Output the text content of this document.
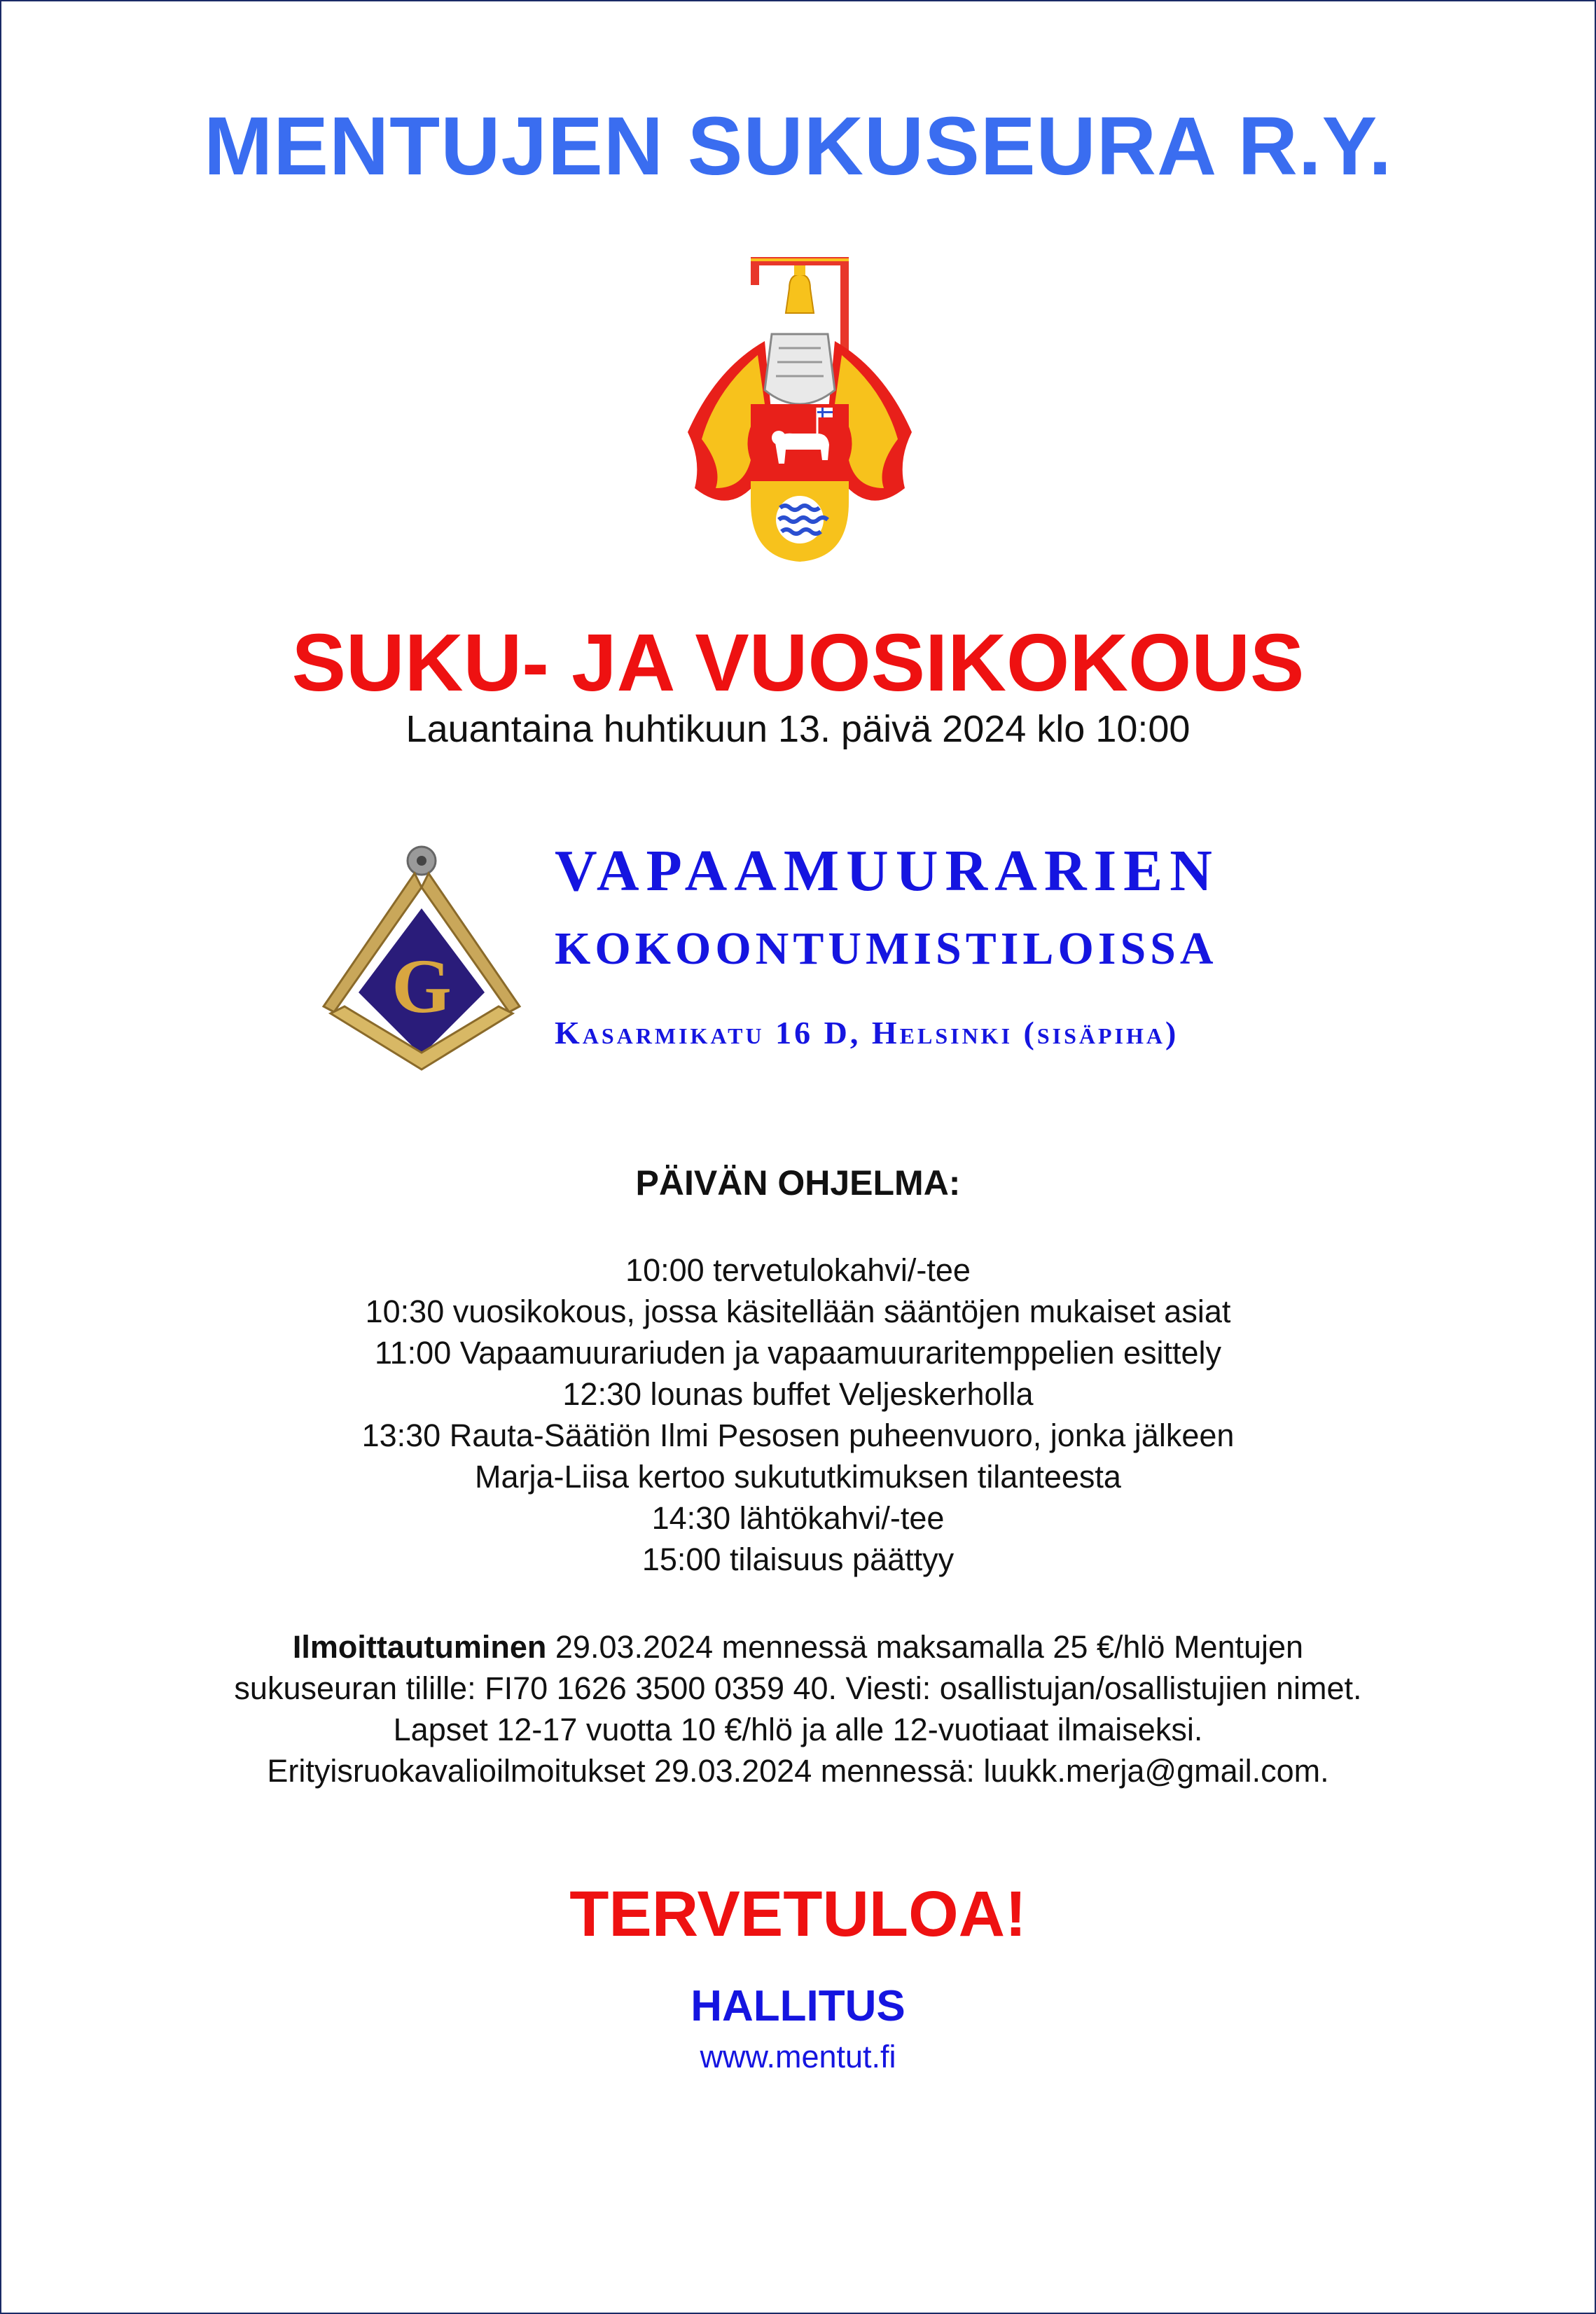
MENTUJEN SUKUSEURA R.Y.
SUKU- JA VUOSIKOKOUS
Lauantaina huhtikuun 13. päivä 2024 klo 10:00
G
VAPAAMUURARIEN
KOKOONTUMISTILOISSA
Kasarmikatu 16 D, Helsinki (sisäpiha)
PÄIVÄN OHJELMA:
10:00 tervetulokahvi/-tee
10:30 vuosikokous, jossa käsitellään sääntöjen mukaiset asiat
11:00 Vapaamuurariuden ja vapaamuuraritemppelien esittely
12:30 lounas buffet Veljeskerholla
13:30 Rauta-Säätiön Ilmi Pesosen puheenvuoro, jonka jälkeen
Marja-Liisa kertoo sukututkimuksen tilanteesta
14:30 lähtökahvi/-tee
15:00 tilaisuus päättyy
Ilmoittautuminen 29.03.2024 mennessä maksamalla 25 €/hlö Mentujen
sukuseuran tilille: FI70 1626 3500 0359 40. Viesti: osallistujan/osallistujien nimet.
Lapset 12-17 vuotta 10 €/hlö ja alle 12-vuotiaat ilmaiseksi.
Erityisruokavalioilmoitukset 29.03.2024 mennessä: luukk.merja@gmail.com.
TERVETULOA!
HALLITUS
www.mentut.fi
